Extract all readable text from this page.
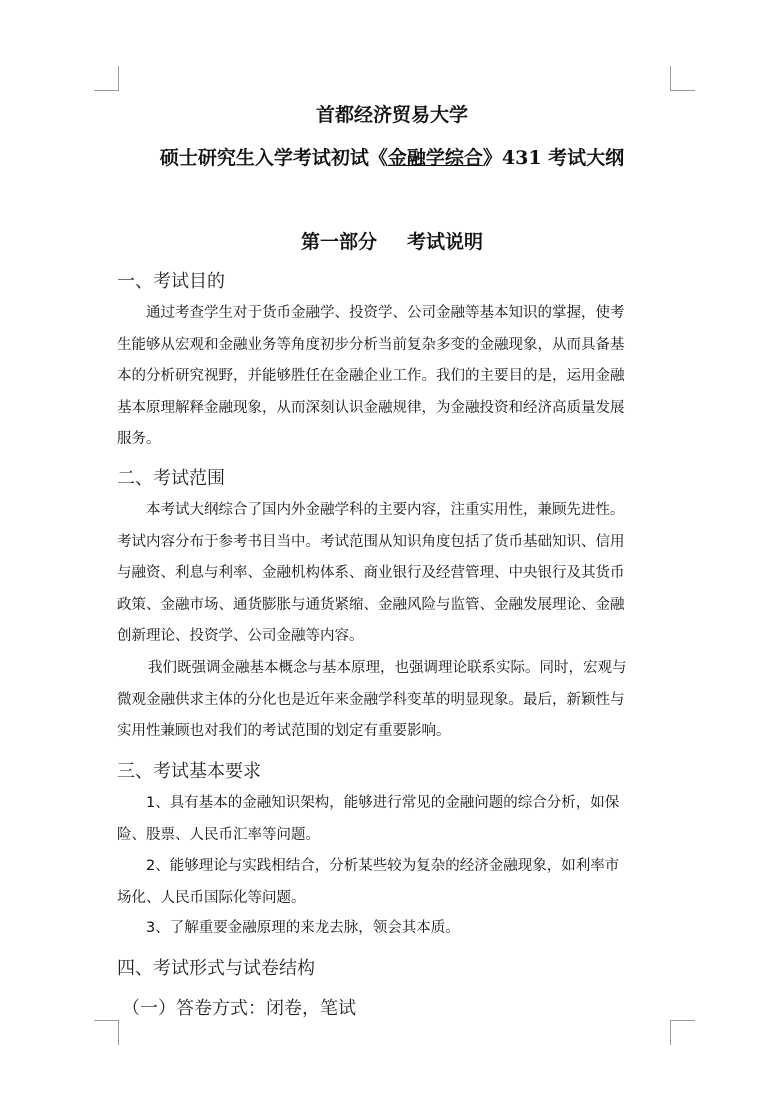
首都经济贸易大学
硕士研究生入学考试初试《金融学综合》431 考试大纲
第一部分 考试说明
一、考试目的
通过考查学生对于货币金融学、投资学、公司金融等基本知识的掌握，使考
生能够从宏观和金融业务等角度初步分析当前复杂多变的金融现象，从而具备基
本的分析研究视野，并能够胜任在金融企业工作。我们的主要目的是，运用金融
基本原理解释金融现象，从而深刻认识金融规律，为金融投资和经济高质量发展
服务。
二、考试范围
本考试大纲综合了国内外金融学科的主要内容，注重实用性，兼顾先进性。
考试内容分布于参考书目当中。考试范围从知识角度包括了货币基础知识、信用
与融资、利息与利率、金融机构体系、商业银行及经营管理、中央银行及其货币
政策、金融市场、通货膨胀与通货紧缩、金融风险与监管、金融发展理论、金融
创新理论、投资学、公司金融等内容。
我们既强调金融基本概念与基本原理，也强调理论联系实际。同时，宏观与
微观金融供求主体的分化也是近年来金融学科变革的明显现象。最后，新颖性与
实用性兼顾也对我们的考试范围的划定有重要影响。
三、考试基本要求
1、具有基本的金融知识架构，能够进行常见的金融问题的综合分析，如保
险、股票、人民币汇率等问题。
2、能够理论与实践相结合，分析某些较为复杂的经济金融现象，如利率市
场化、人民币国际化等问题。
3、了解重要金融原理的来龙去脉，领会其本质。
四、考试形式与试卷结构
（一）答卷方式：闭卷，笔试
